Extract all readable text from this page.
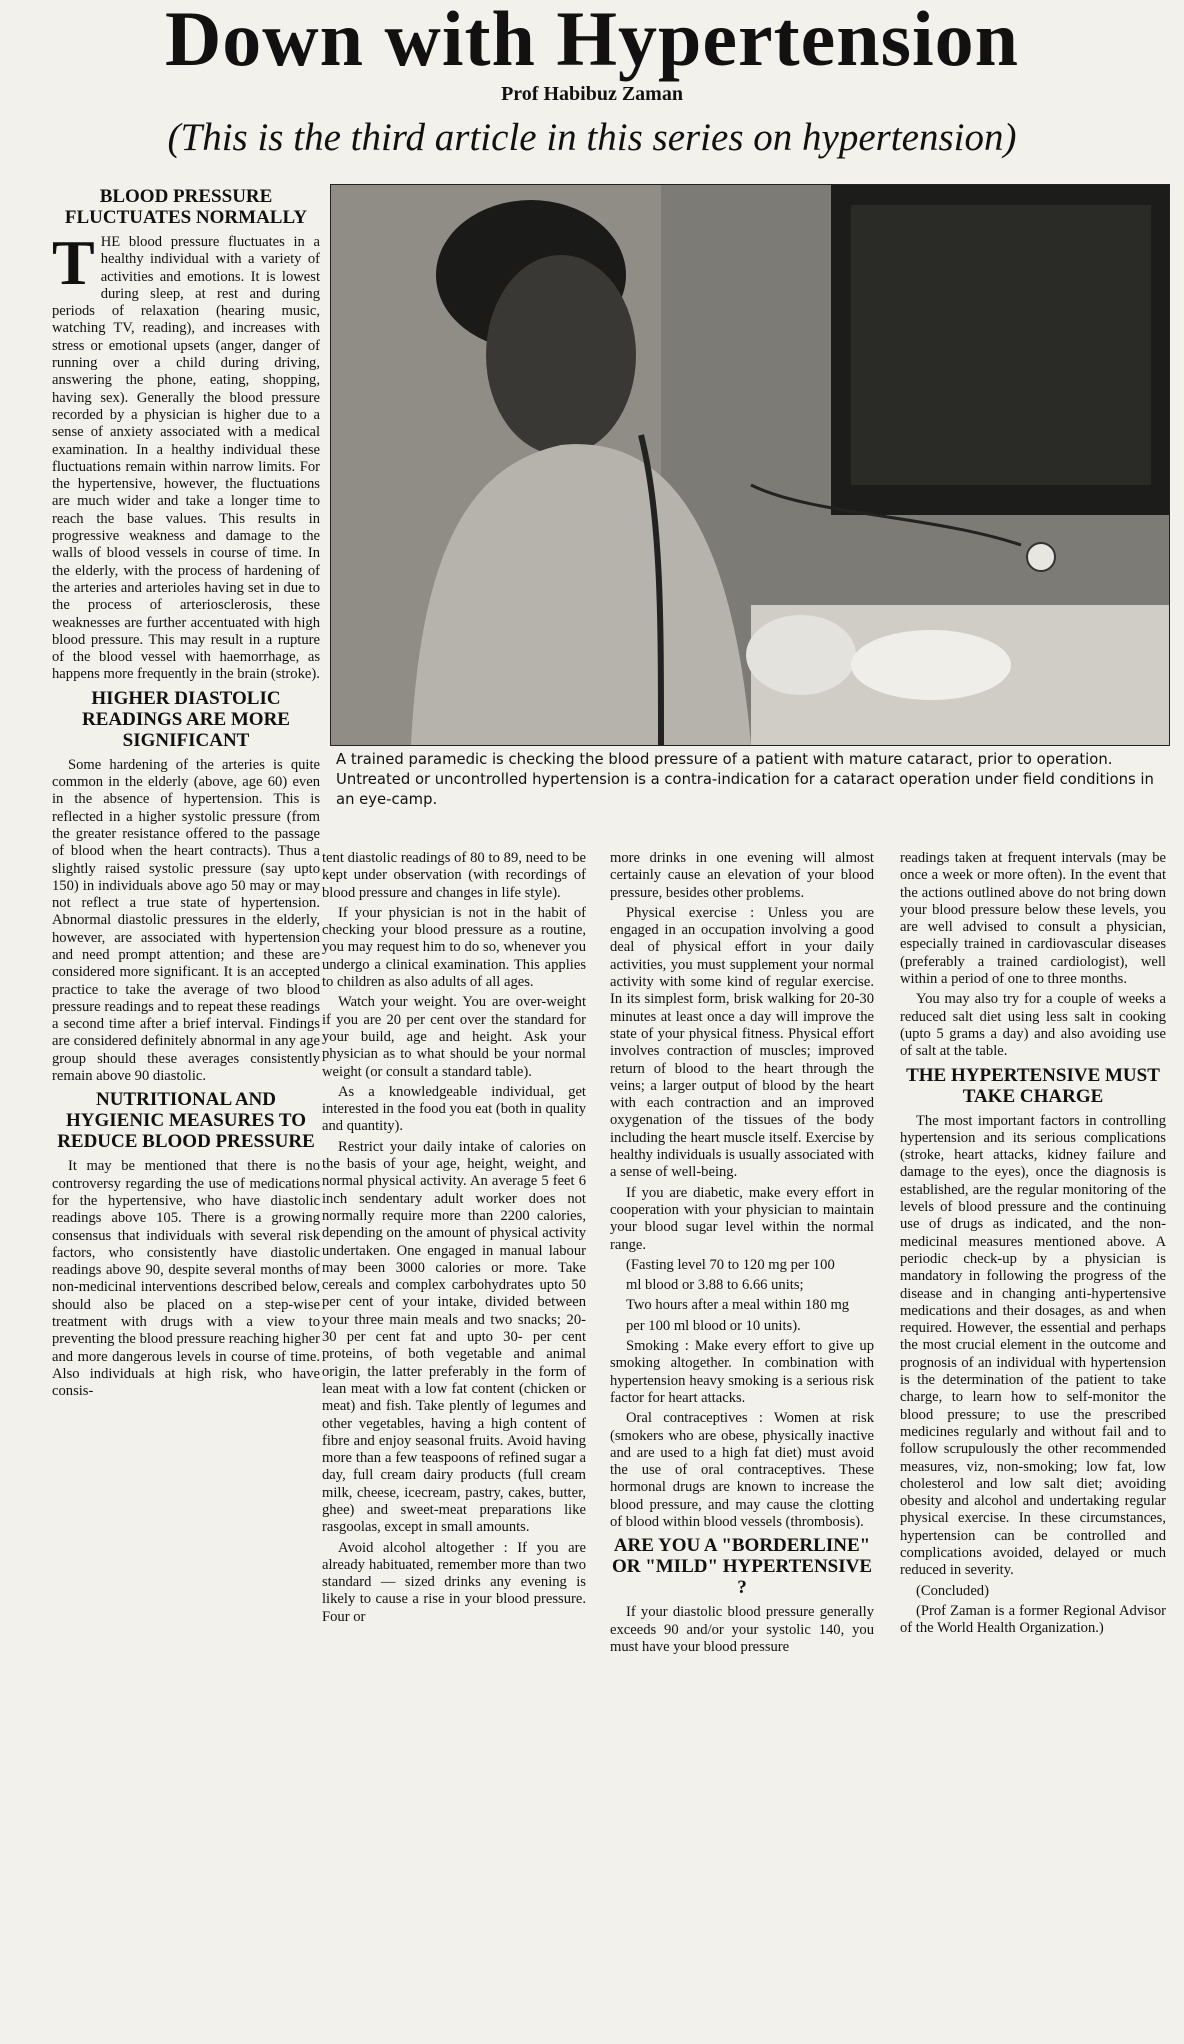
Down with Hypertension
Prof Habibuz Zaman
(This is the third article in this series on hypertension)
BLOOD PRESSURE FLUCTUATES NORMALLY

THE blood pressure fluctuates in a healthy individual with a variety of activities and emotions. It is lowest during sleep, at rest and during periods of relaxation (hearing music, watching TV, reading), and increases with stress or emotional upsets (anger, danger of running over a child during driving, answering the phone, eating, shopping, having sex). Generally the blood pressure recorded by a physician is higher due to a sense of anxiety associated with a medical examination. In a healthy individual these fluctuations remain within narrow limits. For the hypertensive, however, the fluctuations are much wider and take a longer time to reach the base values. This results in progressive weakness and damage to the walls of blood vessels in course of time. In the elderly, with the process of hardening of the arteries and arterioles having set in due to the process of arteriosclerosis, these weaknesses are further accentuated with high blood pressure. This may result in a rupture of the blood vessel with haemorrhage, as happens more frequently in the brain (stroke).

HIGHER DIASTOLIC READINGS ARE MORE SIGNIFICANT

Some hardening of the arteries is quite common in the elderly (above, age 60) even in the absence of hypertension. This is reflected in a higher systolic pressure (from the greater resistance offered to the passage of blood when the heart contracts). Thus a slightly raised systolic pressure (say upto 150) in individuals above ago 50 may or may not reflect a true state of hypertension. Abnormal diastolic pressures in the elderly, however, are associated with hypertension and need prompt attention; and these are considered more significant. It is an accepted practice to take the average of two blood pressure readings and to repeat these readings a second time after a brief interval. Findings are considered definitely abnormal in any age group should these averages consistently remain above 90 diastolic.

NUTRITIONAL AND HYGIENIC MEASURES TO REDUCE BLOOD PRESSURE

It may be mentioned that there is no controversy regarding the use of medications for the hypertensive, who have diastolic readings above 105. There is a growing consensus that individuals with several risk factors, who consistently have diastolic readings above 90, despite several months of non-medicinal interventions described below, should also be placed on a step-wise treatment with drugs with a view to preventing the blood pressure reaching higher and more dangerous levels in course of time. Also individuals at high risk, who have consis-

A trained paramedic is checking the blood pressure of a patient with mature cataract, prior to operation. Untreated or uncontrolled hypertension is a contra-indication for a cataract operation under field conditions in an eye-camp.

tent diastolic readings of 80 to 89, need to be kept under observation (with recordings of blood pressure and changes in life style).

If your physician is not in the habit of checking your blood pressure as a routine, you may request him to do so, whenever you undergo a clinical examination. This applies to children as also adults of all ages.

Watch your weight. You are over-weight if you are 20 per cent over the standard for your build, age and height. Ask your physician as to what should be your normal weight (or consult a standard table).

As a knowledgeable individual, get interested in the food you eat (both in quality and quantity).

Restrict your daily intake of calories on the basis of your age, height, weight, and normal physical activity. An average 5 feet 6 inch sendentary adult worker does not normally require more than 2200 calories, depending on the amount of physical activity undertaken. One engaged in manual labour may been 3000 calories or more. Take cereals and complex carbohydrates upto 50 per cent of your intake, divided between your three main meals and two snacks; 20-30 per cent fat and upto 30- per cent proteins, of both vegetable and animal origin, the latter preferably in the form of lean meat with a low fat content (chicken or meat) and fish. Take plently of legumes and other vegetables, having a high content of fibre and enjoy seasonal fruits. Avoid having more than a few teaspoons of refined sugar a day, full cream dairy products (full cream milk, cheese, icecream, pastry, cakes, butter, ghee) and sweet-meat preparations like rasgoolas, except in small amounts.

Avoid alcohol altogether : If you are already habituated, remember more than two standard — sized drinks any evening is likely to cause a rise in your blood pressure. Four or

more drinks in one evening will almost certainly cause an elevation of your blood pressure, besides other problems.

Physical exercise : Unless you are engaged in an occupation involving a good deal of physical effort in your daily activities, you must supplement your normal activity with some kind of regular exercise. In its simplest form, brisk walking for 20-30 minutes at least once a day will improve the state of your physical fitness. Physical effort involves contraction of muscles; improved return of blood to the heart through the veins; a larger output of blood by the heart with each contraction and an improved oxygenation of the tissues of the body including the heart muscle itself. Exercise by healthy individuals is usually associated with a sense of well-being.

If you are diabetic, make every effort in cooperation with your physician to maintain your blood sugar level within the normal range.

(Fasting level 70 to 120 mg per 100

ml blood or 3.88 to 6.66 units;

Two hours after a meal within 180 mg

per 100 ml blood or 10 units).

Smoking : Make every effort to give up smoking altogether. In combination with hypertension heavy smoking is a serious risk factor for heart attacks.

Oral contraceptives : Women at risk (smokers who are obese, physically inactive and are used to a high fat diet) must avoid the use of oral contraceptives. These hormonal drugs are known to increase the blood pressure, and may cause the clotting of blood within blood vessels (thrombosis).

ARE YOU A "BORDERLINE" OR "MILD" HYPERTENSIVE ?

If your diastolic blood pressure generally exceeds 90 and/or your systolic 140, you must have your blood pressure

readings taken at frequent intervals (may be once a week or more often). In the event that the actions outlined above do not bring down your blood pressure below these levels, you are well advised to consult a physician, especially trained in cardiovascular diseases (preferably a trained cardiologist), well within a period of one to three months.

You may also try for a couple of weeks a reduced salt diet using less salt in cooking (upto 5 grams a day) and also avoiding use of salt at the table.

THE HYPERTENSIVE MUST TAKE CHARGE

The most important factors in controlling hypertension and its serious complications (stroke, heart attacks, kidney failure and damage to the eyes), once the diagnosis is established, are the regular monitoring of the levels of blood pressure and the continuing use of drugs as indicated, and the non-medicinal measures mentioned above. A periodic check-up by a physician is mandatory in following the progress of the disease and in changing anti-hypertensive medications and their dosages, as and when required. However, the essential and perhaps the most crucial element in the outcome and prognosis of an individual with hypertension is the determination of the patient to take charge, to learn how to self-monitor the blood pressure; to use the prescribed medicines regularly and without fail and to follow scrupulously the other recommended measures, viz, non-smoking; low fat, low cholesterol and low salt diet; avoiding obesity and alcohol and undertaking regular physical exercise. In these circumstances, hypertension can be controlled and complications avoided, delayed or much reduced in severity.

(Concluded)

(Prof Zaman is a former Regional Advisor of the World Health Organization.)
